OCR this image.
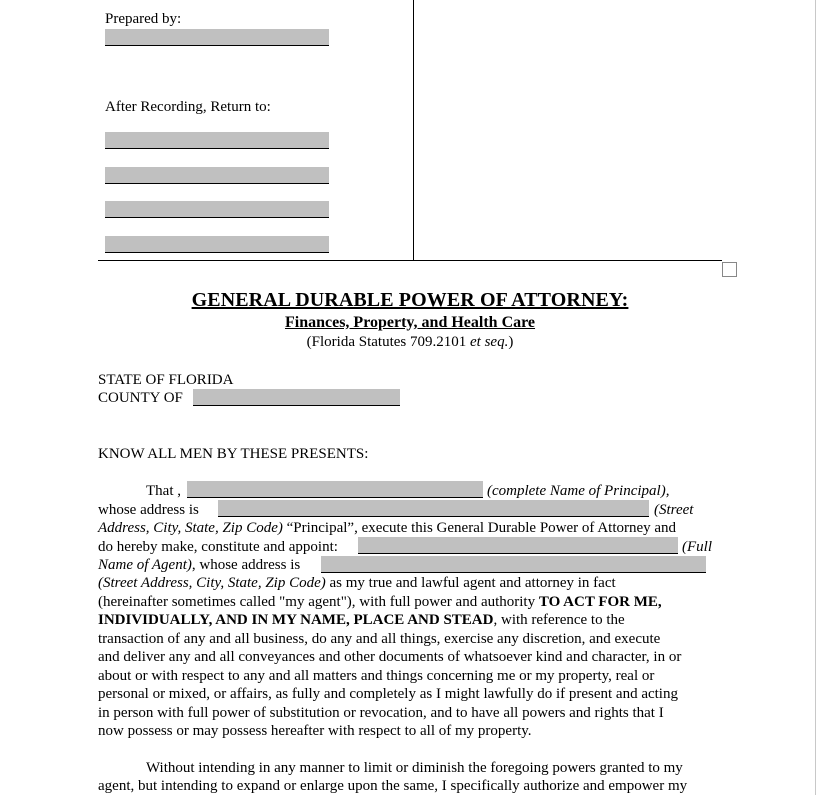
Prepared by:
After Recording, Return to:
GENERAL DURABLE POWER OF ATTORNEY:
Finances, Property, and Health Care
(Florida Statutes 709.2101 et seq.)
STATE OF FLORIDA
COUNTY OF
KNOW ALL MEN BY THESE PRESENTS:
That ,	(complete Name of Principal),
whose address is	(Street
Address, City, State, Zip Code) “Principal”, execute this General Durable Power of Attorney and
do hereby make, constitute and appoint:	(Full
Name of Agent), whose address is
(Street Address, City, State, Zip Code) as my true and lawful agent and attorney in fact
(hereinafter sometimes called "my agent"), with full power and authority TO ACT FOR ME,
INDIVIDUALLY, AND IN MY NAME, PLACE AND STEAD, with reference to the
transaction of any and all business, do any and all things, exercise any discretion, and execute
and deliver any and all conveyances and other documents of whatsoever kind and character, in or
about or with respect to any and all matters and things concerning me or my property, real or
personal or mixed, or affairs, as fully and completely as I might lawfully do if present and acting
in person with full power of substitution or revocation, and to have all powers and rights that I
now possess or may possess hereafter with respect to all of my property.
Without intending in any manner to limit or diminish the foregoing powers granted to my
agent, but intending to expand or enlarge upon the same, I specifically authorize and empower my
